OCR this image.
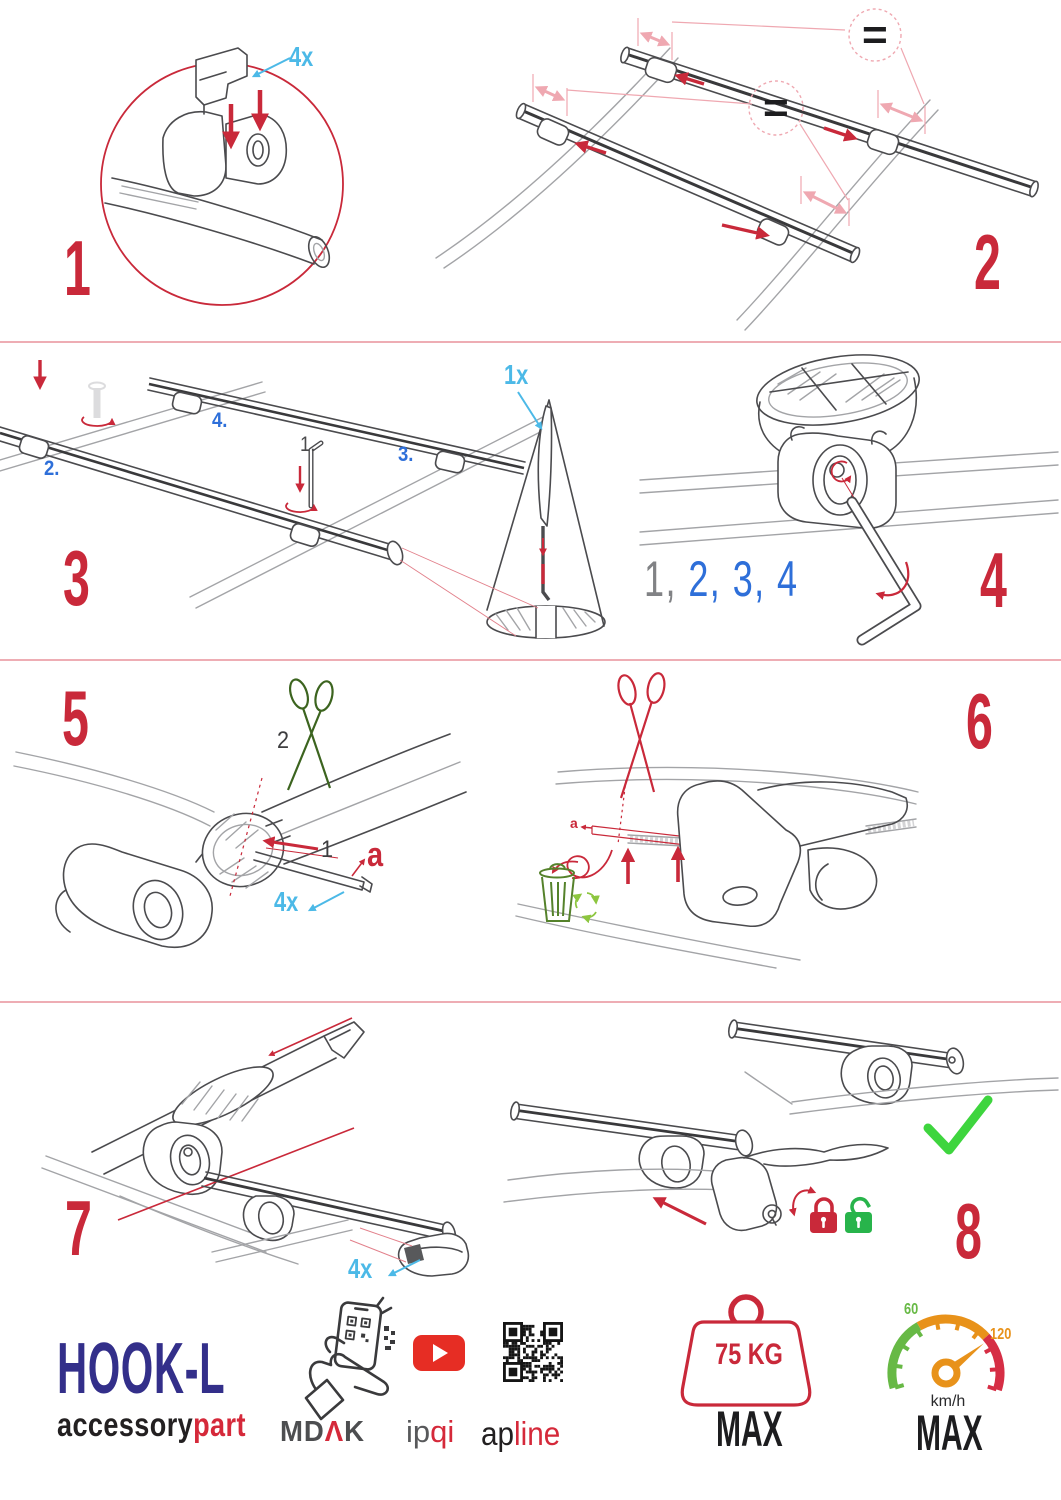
1
4x
2
=
=
3
1.
2.
3.
4.
1x
4
1, 2, 3, 4
5	2
1 a
4x
6
a
7	4x	8
HOOK-L
accessorypart MDΛK ipqi apline
75 KG
MAX
60
120
km/h
MAX
